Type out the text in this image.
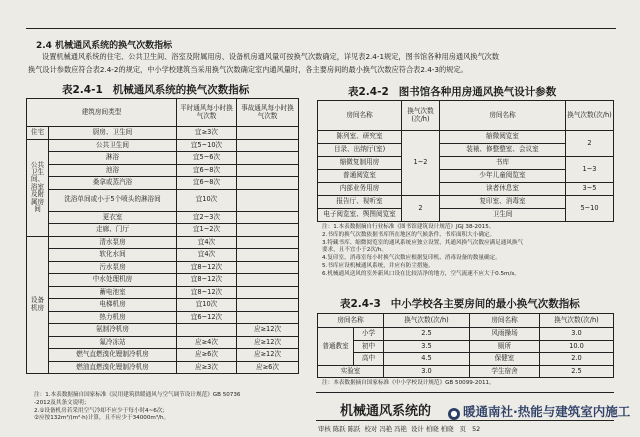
2.4 机械通风系统的换气次数指标
设置机械通风系统的住宅、公共卫生间、浴室及附属用房、设备机房通风量可按换气次数确定，详见表2.4-1规定，图书馆各种用房通风换气次数
换气设计参数应符合表2.4-2的规定，中小学校建筑当采用换气次数确定室内通风量时，各主要房间的最小换气次数应符合表2.4-3的规定。
表2.4-1 机械通风系统的换气次数指标
建筑房间类型		平时通风每小时换气次数	事故通风每小时换气次数
住宅	厨房、卫生间	宜≥3次	
公共卫生间、浴室及附属房间	公共卫生间	宜5~10次	
	淋浴	宜5~6次	
	池浴	宜6~8次	
	桑拿或蒸汽浴	宜6~8次	
	洗浴单间或小于5个喷头的淋浴间	宜10次	
	更衣室	宜2~3次	
	走廊、门厅	宜1~2次	
设备机房	清水泵房	宜4次	
	软化水间	宜4次	
	污水泵房	宜8~12次	
	中水处理机房	宜8~12次	
	蓄电池室	宜8~12次	
	电梯机房	宜10次	
	热力机房	宜6~12次	
	氨制冷机房		应≥12次
	氟冷冻站	应≥4次	应≥12次
	燃气直燃溴化锂制冷机房	应≥6次	应≥12次
	燃油直燃溴化锂制冷机房	应≥3次	应≥6次
注：1.本表数据摘自国家标准《民用建筑供暖通风与空气调节设计规范》GB 50736
-2012及其条文说明；
2.①设备机房若采用空气冷却不应少于每小时4~6次；
②应按132m³/(m²·h)计算，且不应少于34000m³/h。
表2.4-2 图书馆各种用房通风换气设计参数
房间名称	换气次数(次/h)	房间名称	换气次数(次/h)
陈列室、研究室	1~2	缩微阅览室	2
目录、出纳厅(室)		装裱、修整整室、会议室	
缩微复制用房		书库	1~3
普通阅览室		少年儿童阅览室	
内部业务用房		读者休息室	3~5
报告厅、视听室	2	复印室、消毒室	5~10
电子阅览室、舆图阅览室		卫生间	
注：1.本表数据摘自行业标准《图书馆建筑设计规范》JGJ 38-2015。
2.书库的换气次数依据书库所在地区的气候条件、书库面积大小确定。
3.特藏书库、缩微阅览室的通风系统应独立设置，其通风换气次数应满足通风换气
要求，且不宜小于2次/h。
4.复印室，消毒室每小时换气次数应根据复印机、消毒设备的数量确定。
5.书库应设机械通风系统，并应有防尘措施。
6.机械通风送风的室外新风口设在比较洁净的地方，空气流速不应大于0.5m/s。
表2.4-3 中小学校各主要房间的最小换气次数指标
房间名称		换气次数(次/h)	房间名称	换气次数(次/h)
普通教室	小学	2.5	风雨操场	3.0
	初中	3.5	厕所	10.0
	高中	4.5	保健室	2.0
实验室		3.0	学生宿舍	2.5
注：本表数据摘自国家标准《中小学校设计规范》GB 50099-2011。
机械通风系统的
审核 陈跃 陈跃 校对 冯艳 冯艳 设计 柏晓 柏晓 页 52
● 暖通南社·热能与建筑室内施工
